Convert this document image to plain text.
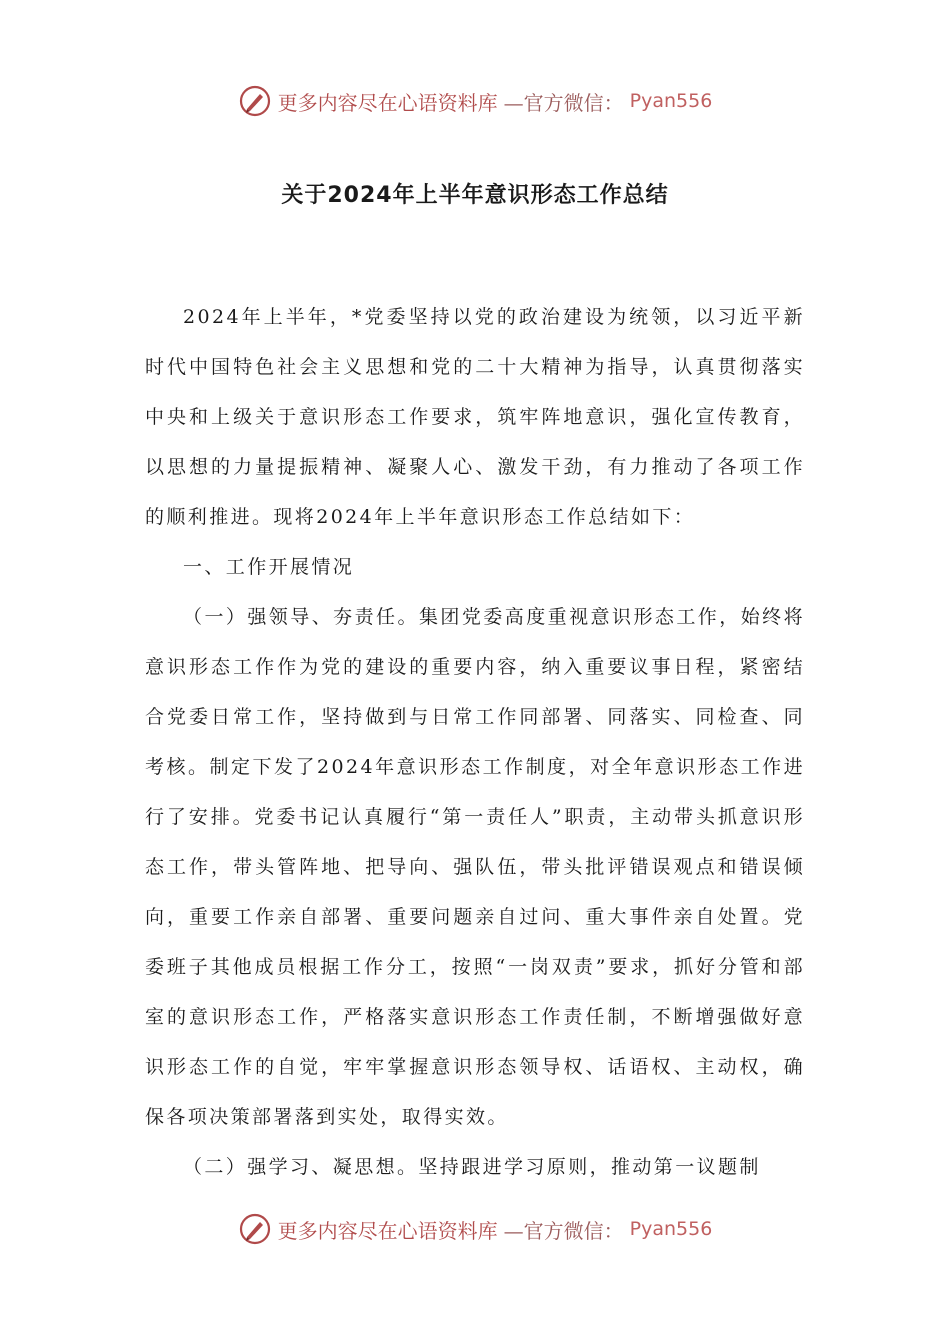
更多内容尽在心语资料库 —官方微信： Pyan556
关于2024年上半年意识形态工作总结

2024年上半年，*党委坚持以党的政治建设为统领，以习近平新时代中国特色社会主义思想和党的二十大精神为指导，认真贯彻落实中央和上级关于意识形态工作要求，筑牢阵地意识，强化宣传教育，以思想的力量提振精神、凝聚人心、激发干劲，有力推动了各项工作的顺利推进。现将2024年上半年意识形态工作总结如下：

一、工作开展情况

（一）强领导、夯责任。集团党委高度重视意识形态工作，始终将意识形态工作作为党的建设的重要内容，纳入重要议事日程，紧密结合党委日常工作，坚持做到与日常工作同部署、同落实、同检查、同考核。制定下发了2024年意识形态工作制度，对全年意识形态工作进行了安排。党委书记认真履行“第一责任人”职责，主动带头抓意识形态工作，带头管阵地、把导向、强队伍，带头批评错误观点和错误倾向，重要工作亲自部署、重要问题亲自过问、重大事件亲自处置。党委班子其他成员根据工作分工，按照“一岗双责”要求，抓好分管和部室的意识形态工作，严格落实意识形态工作责任制，不断增强做好意识形态工作的自觉，牢牢掌握意识形态领导权、话语权、主动权，确保各项决策部署落到实处，取得实效。

（二）强学习、凝思想。坚持跟进学习原则，推动第一议题制

更多内容尽在心语资料库 —官方微信： Pyan556
